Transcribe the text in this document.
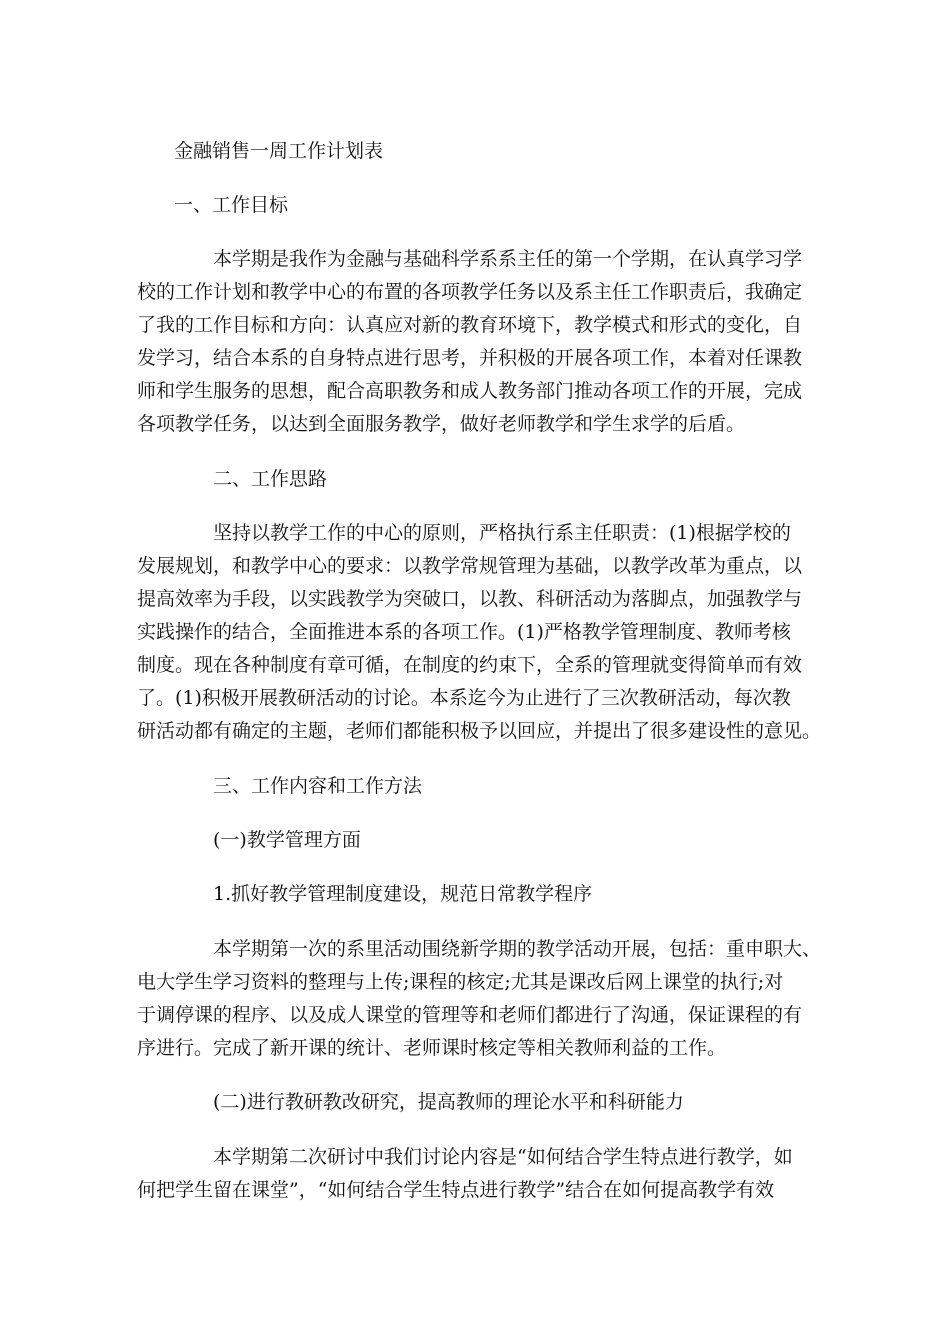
金融销售一周工作计划表
一、工作目标
本学期是我作为金融与基础科学系系主任的第一个学期，在认真学习学
校的工作计划和教学中心的布置的各项教学任务以及系主任工作职责后，我确定
了我的工作目标和方向：认真应对新的教育环境下，教学模式和形式的变化，自
发学习，结合本系的自身特点进行思考，并积极的开展各项工作，本着对任课教
师和学生服务的思想，配合高职教务和成人教务部门推动各项工作的开展，完成
各项教学任务，以达到全面服务教学，做好老师教学和学生求学的后盾。
二、工作思路
坚持以教学工作的中心的原则，严格执行系主任职责：(1)根据学校的
发展规划，和教学中心的要求：以教学常规管理为基础，以教学改革为重点，以
提高效率为手段，以实践教学为突破口，以教、科研活动为落脚点，加强教学与
实践操作的结合，全面推进本系的各项工作。(1)严格教学管理制度、教师考核
制度。现在各种制度有章可循，在制度的约束下，全系的管理就变得简单而有效
了。(1)积极开展教研活动的讨论。本系迄今为止进行了三次教研活动，每次教
研活动都有确定的主题，老师们都能积极予以回应，并提出了很多建设性的意见。
三、工作内容和工作方法
(一)教学管理方面
1.抓好教学管理制度建设，规范日常教学程序
本学期第一次的系里活动围绕新学期的教学活动开展，包括：重申职大、
电大学生学习资料的整理与上传;课程的核定;尤其是课改后网上课堂的执行;对
于调停课的程序、以及成人课堂的管理等和老师们都进行了沟通，保证课程的有
序进行。完成了新开课的统计、老师课时核定等相关教师利益的工作。
(二)进行教研教改研究，提高教师的理论水平和科研能力
本学期第二次研讨中我们讨论内容是“如何结合学生特点进行教学，如
何把学生留在课堂”，“如何结合学生特点进行教学”结合在如何提高教学有效
